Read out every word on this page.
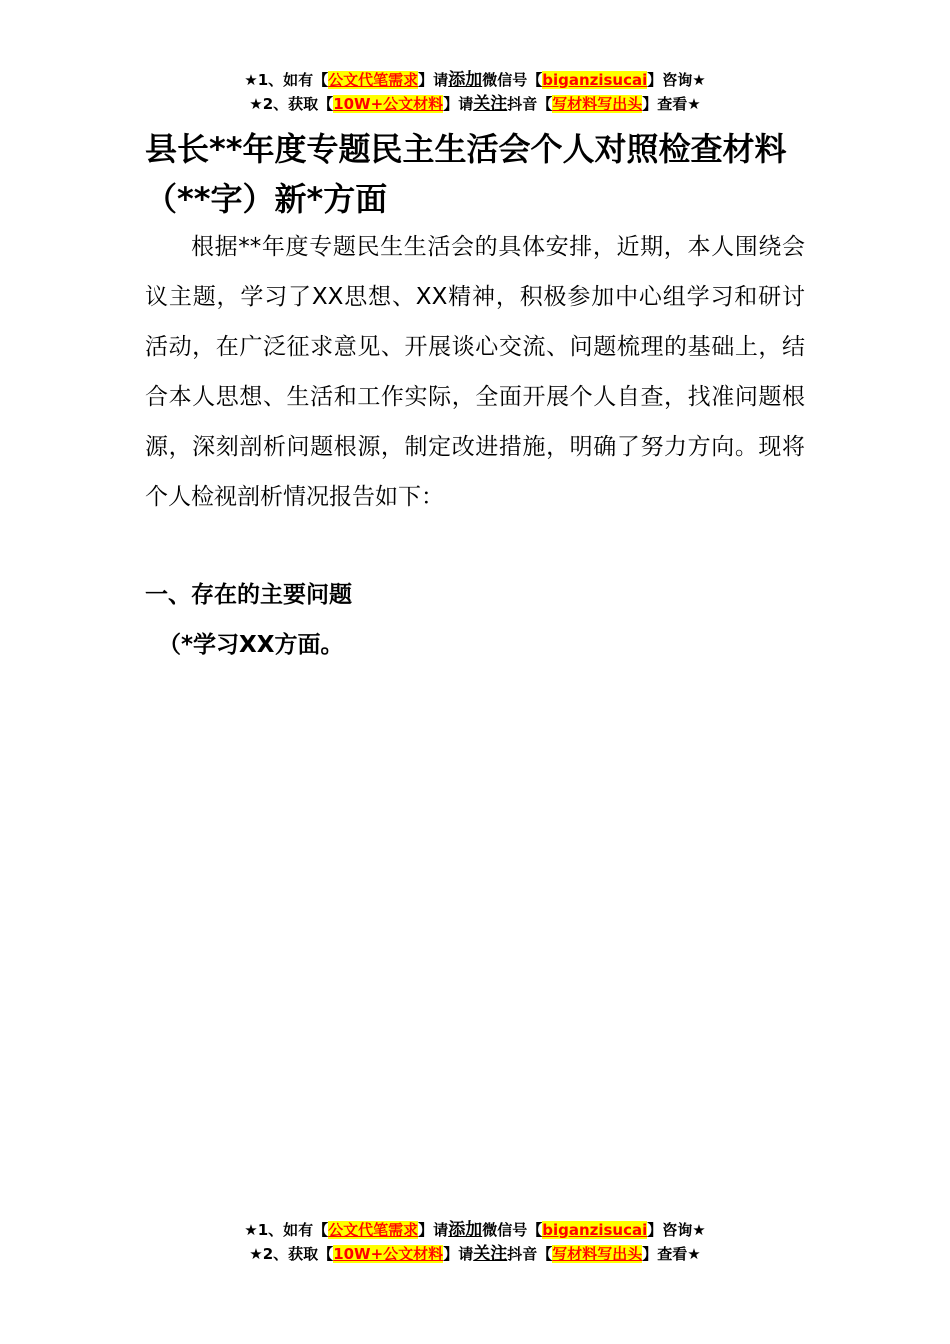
★1、如有【公文代笔需求】请添加微信号【biganzisucai】咨询★
★2、获取【10W+公文材料】请关注抖音【写材料写出头】查看★
县长**年度专题民主生活会个人对照检查材料（**字）新*方面
根据**年度专题民生生活会的具体安排，近期，本人围绕会议主题，学习了XX思想、XX精神，积极参加中心组学习和研讨活动，在广泛征求意见、开展谈心交流、问题梳理的基础上，结合本人思想、生活和工作实际，全面开展个人自查，找准问题根源，深刻剖析问题根源，制定改进措施，明确了努力方向。现将个人检视剖析情况报告如下：
一、存在的主要问题
（*学习XX方面。
★1、如有【公文代笔需求】请添加微信号【biganzisucai】咨询★
★2、获取【10W+公文材料】请关注抖音【写材料写出头】查看★
